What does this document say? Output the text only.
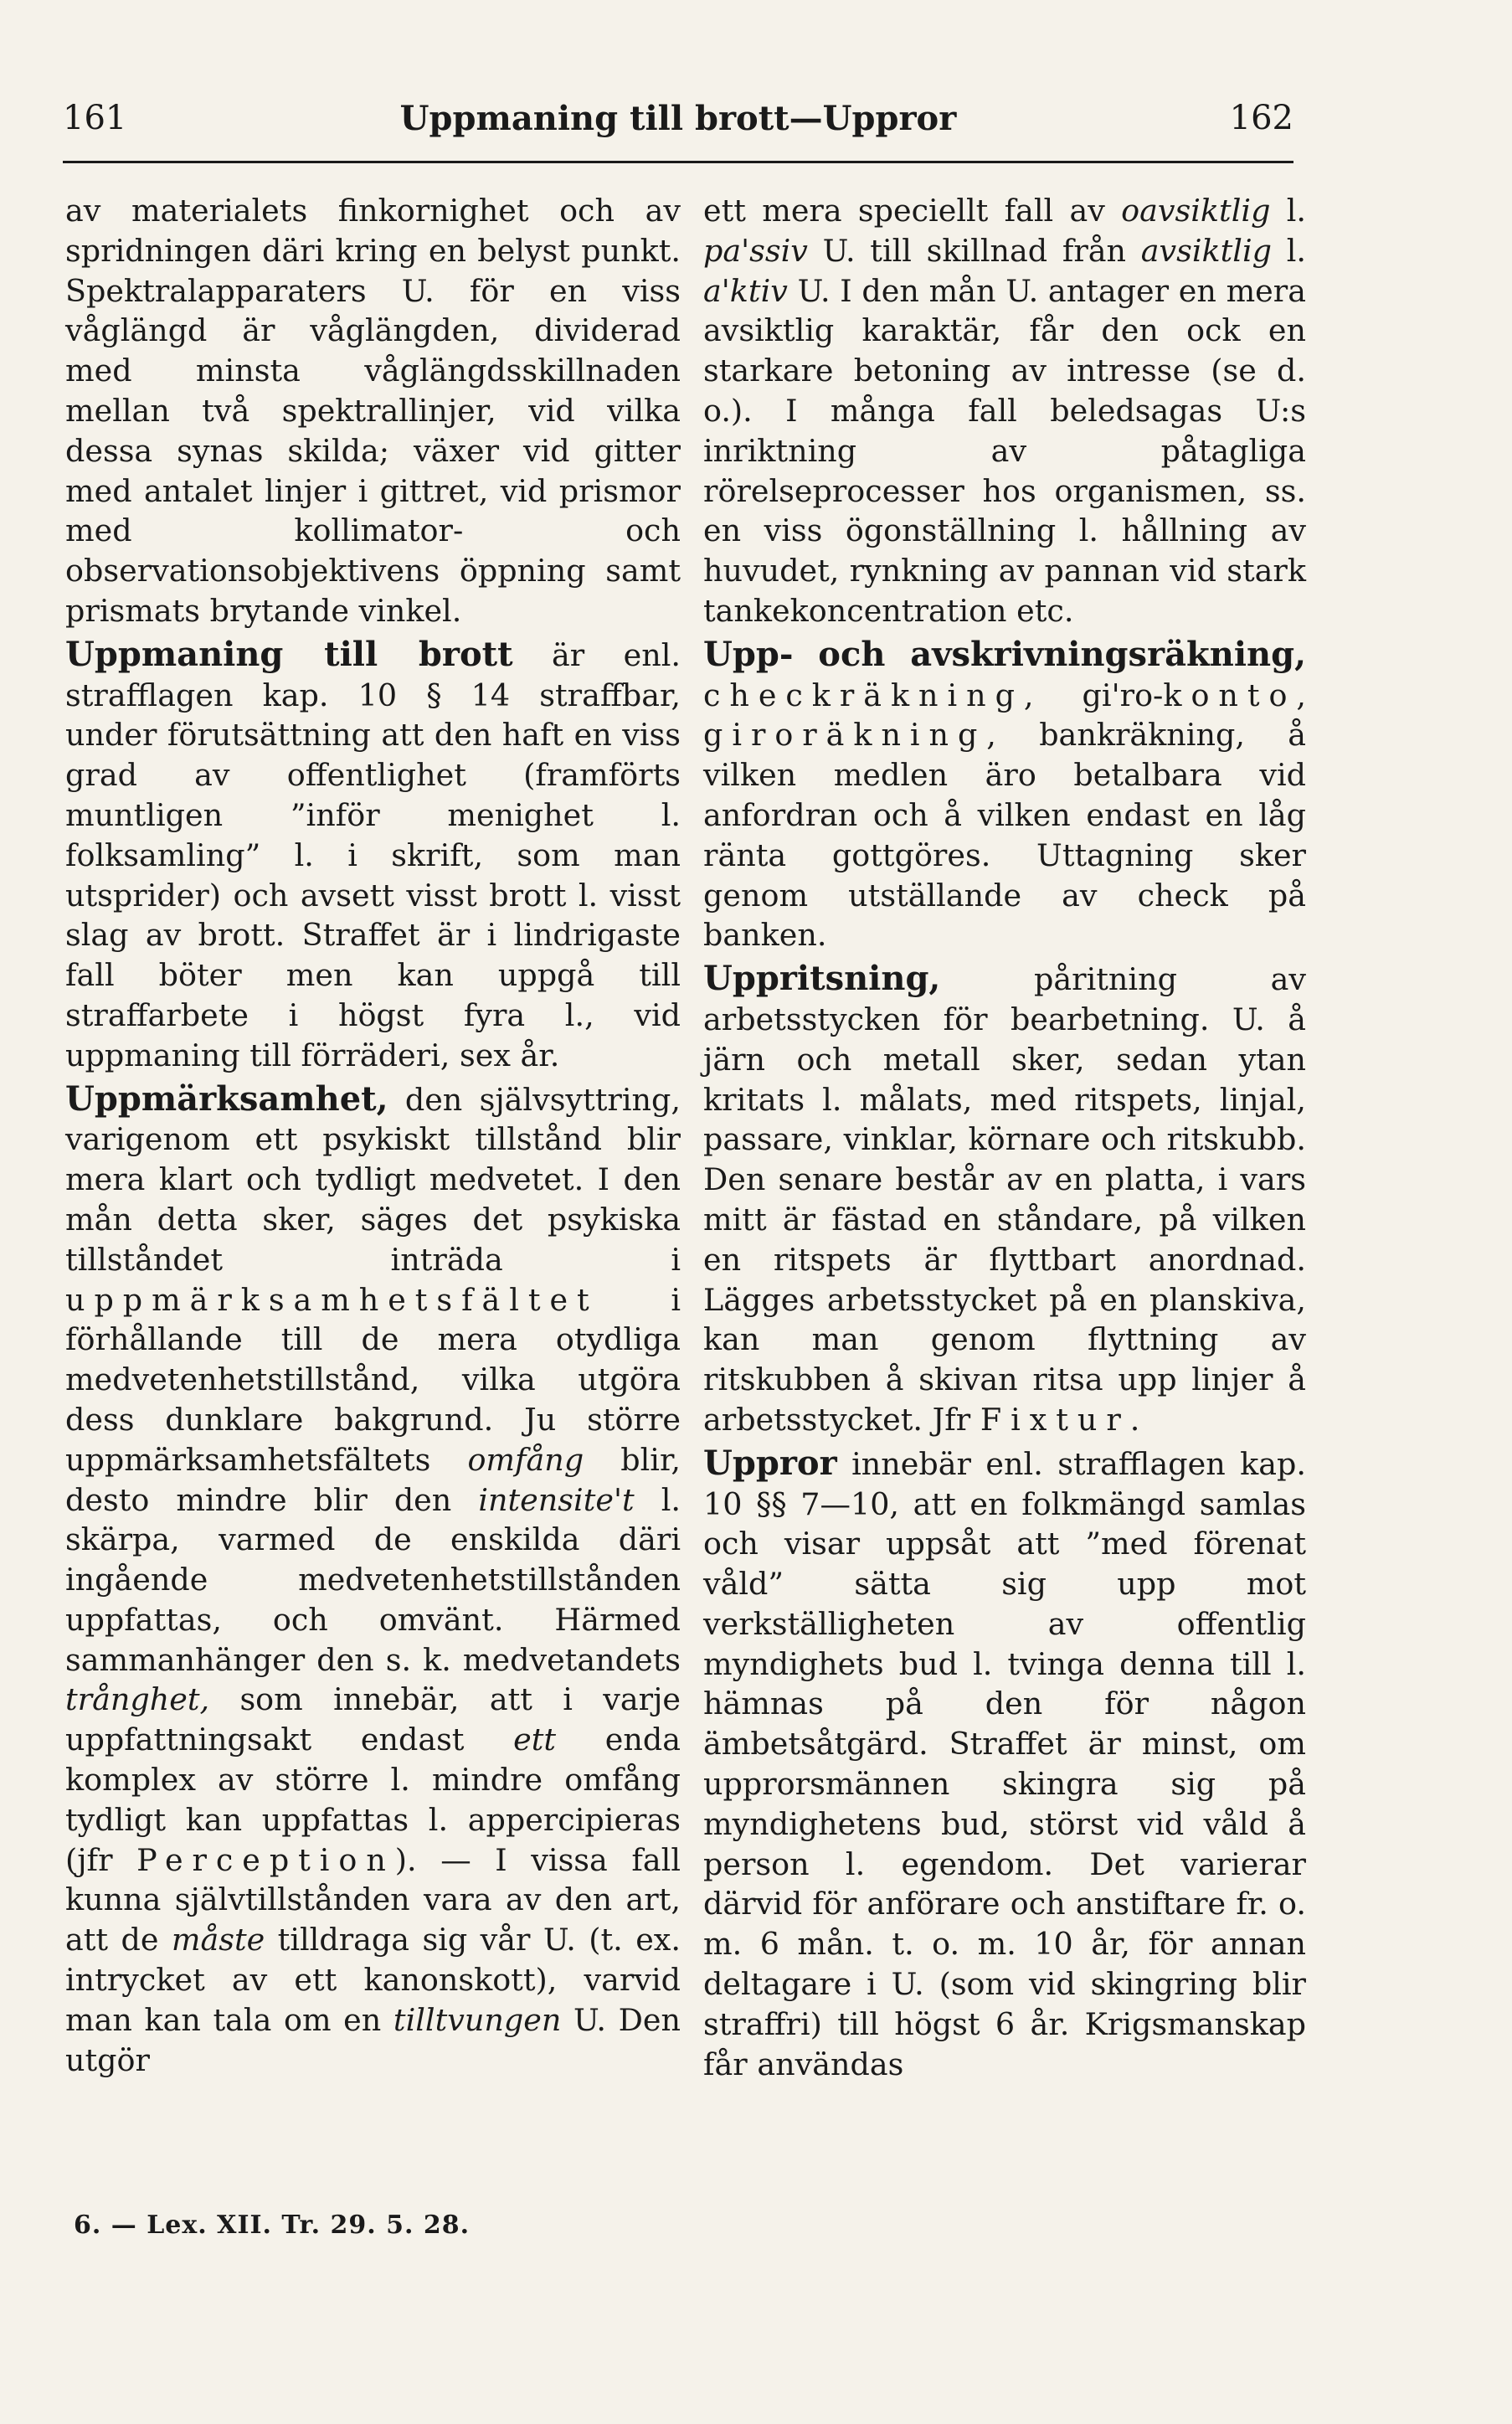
161	Uppmaning till brott—Uppror	162

av materialets finkornighet och av spridningen däri kring en belyst punkt. Spektralapparaters U. för en viss våglängd är våglängden, dividerad med minsta våglängdsskillnaden mellan två spektrallinjer, vid vilka dessa synas skilda; växer vid gitter med antalet linjer i gittret, vid prismor med kollimator- och observationsobjektivens öppning samt prismats brytande vinkel.

Uppmaning till brott är enl. strafflagen kap. 10 § 14 straffbar, under förutsättning att den haft en viss grad av offentlighet (framförts muntligen ”inför menighet l. folksamling” l. i skrift, som man utsprider) och avsett visst brott l. visst slag av brott. Straffet är i lindrigaste fall böter men kan uppgå till straffarbete i högst fyra l., vid uppmaning till förräderi, sex år.

Uppmärksamhet, den självsyttring, varigenom ett psykiskt tillstånd blir mera klart och tydligt medvetet. I den mån detta sker, säges det psykiska tillståndet inträda i uppmärksamhetsfältet i förhållande till de mera otydliga medvetenhetstillstånd, vilka utgöra dess dunklare bakgrund. Ju större uppmärksamhetsfältets omfång blir, desto mindre blir den intensite't l. skärpa, varmed de enskilda däri ingående medvetenhetstillstånden uppfattas, och omvänt. Härmed sammanhänger den s. k. medvetandets trånghet, som innebär, att i varje uppfattningsakt endast ett enda komplex av större l. mindre omfång tydligt kan uppfattas l. appercipieras (jfr Perception). — I vissa fall kunna självtillstånden vara av den art, att de måste tilldraga sig vår U. (t. ex. intrycket av ett kanonskott), varvid man kan tala om en tilltvungen U. Den utgör

ett mera speciellt fall av oavsiktlig l. pa'ssiv U. till skillnad från avsiktlig l. a'ktiv U. I den mån U. antager en mera avsiktlig karaktär, får den ock en starkare betoning av intresse (se d. o.). I många fall beledsagas U:s inriktning av påtagliga rörelseprocesser hos organismen, ss. en viss ögonställning l. hållning av huvudet, rynkning av pannan vid stark tankekoncentration etc.

Upp- och avskrivningsräkning, checkräkning, gi'ro-konto, giroräkning, bankräkning, å vilken medlen äro betalbara vid anfordran och å vilken endast en låg ränta gottgöres. Uttagning sker genom utställande av check på banken.

Uppritsning, påritning av arbetsstycken för bearbetning. U. å järn och metall sker, sedan ytan kritats l. målats, med ritspets, linjal, passare, vinklar, körnare och ritskubb. Den senare består av en platta, i vars mitt är fästad en ståndare, på vilken en ritspets är flyttbart anordnad. Lägges arbetsstycket på en planskiva, kan man genom flyttning av ritskubben å skivan ritsa upp linjer å arbetsstycket. Jfr Fixtur.

Uppror innebär enl. strafflagen kap. 10 §§ 7—10, att en folkmängd samlas och visar uppsåt att ”med förenat våld” sätta sig upp mot verkställigheten av offentlig myndighets bud l. tvinga denna till l. hämnas på den för någon ämbetsåtgärd. Straffet är minst, om upprorsmännen skingra sig på myndighetens bud, störst vid våld å person l. egendom. Det varierar därvid för anförare och anstiftare fr. o. m. 6 mån. t. o. m. 10 år, för annan deltagare i U. (som vid skingring blir straffri) till högst 6 år. Krigsmanskap får användas

6. — Lex. XII. Tr. 29. 5. 28.
